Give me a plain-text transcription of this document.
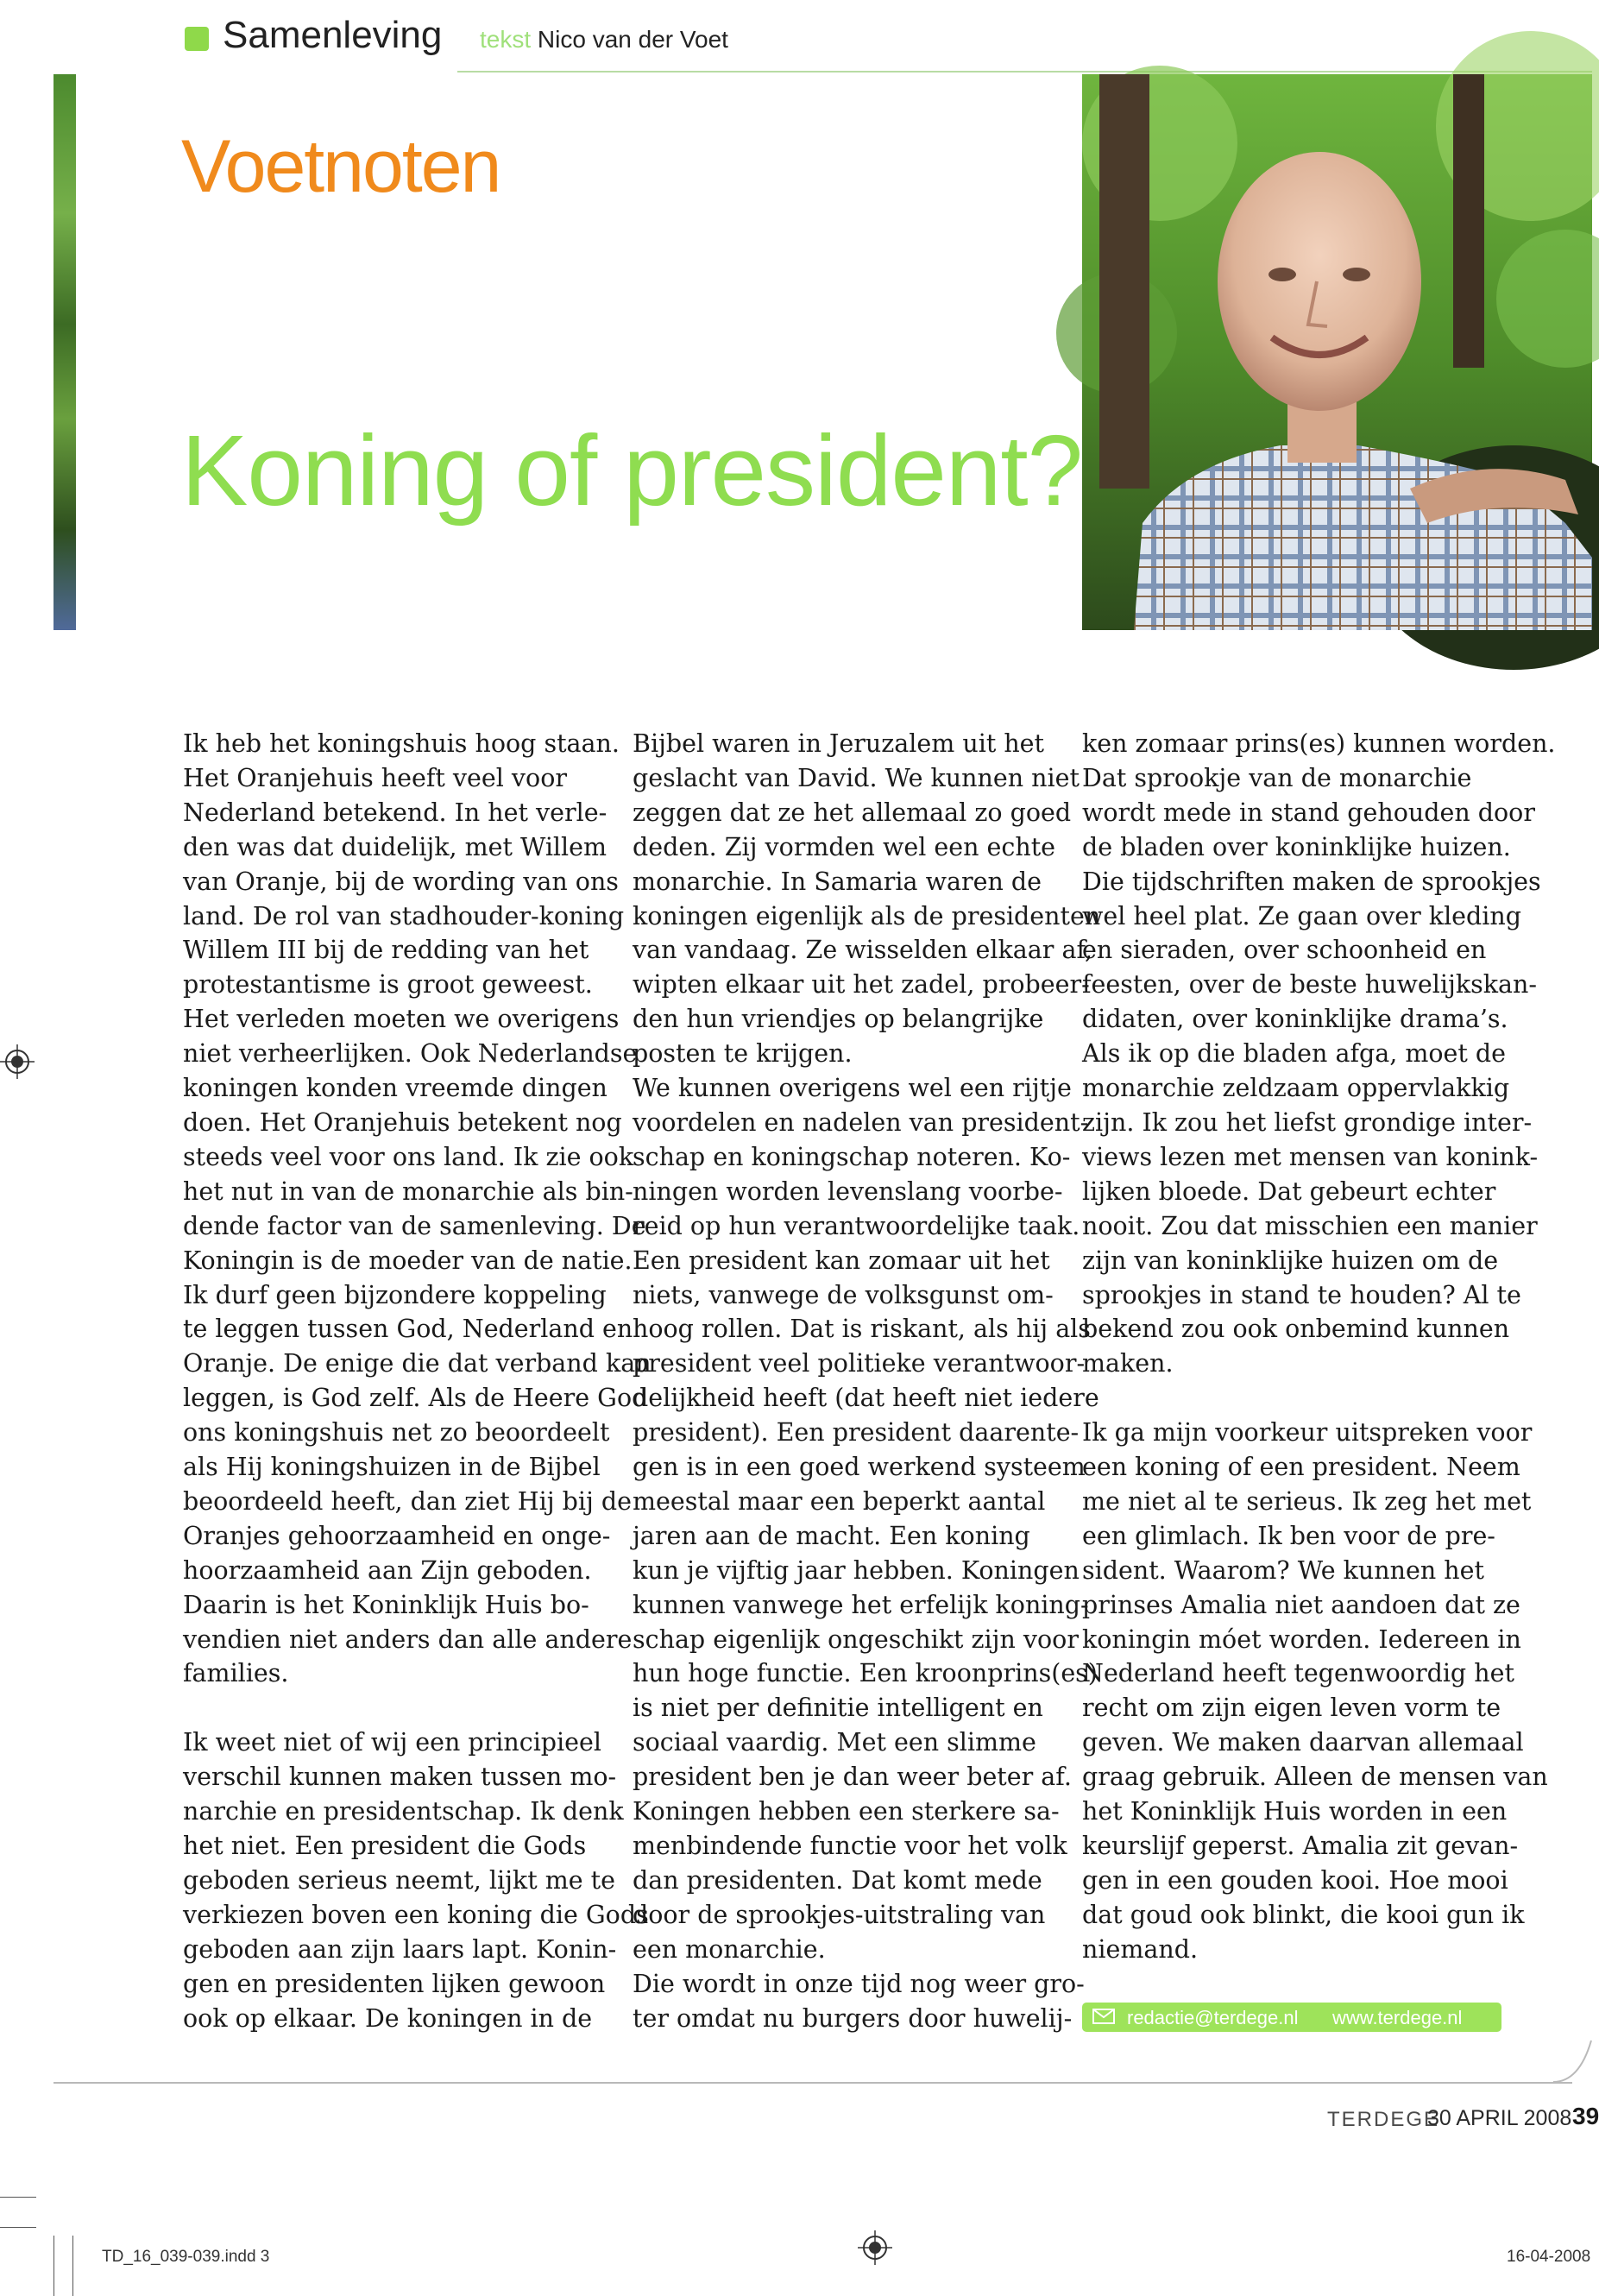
Samenleving tekst Nico van der Voet
Voetnoten
Koning of president?
Ik heb het koningshuis hoog staan.
Het Oranjehuis heeft veel voor
Nederland betekend. In het verle-
den was dat duidelijk, met Willem
van Oranje, bij de wording van ons
land. De rol van stadhouder-koning
Willem III bij de redding van het
protestantisme is groot geweest.
Het verleden moeten we overigens
niet verheerlijken. Ook Nederlandse
koningen konden vreemde dingen
doen. Het Oranjehuis betekent nog
steeds veel voor ons land. Ik zie ook
het nut in van de monarchie als bin-
dende factor van de samenleving. De
Koningin is de moeder van de natie.
Ik durf geen bijzondere koppeling
te leggen tussen God, Nederland en
Oranje. De enige die dat verband kan
leggen, is God zelf. Als de Heere God
ons koningshuis net zo beoordeelt
als Hij koningshuizen in de Bijbel
beoordeeld heeft, dan ziet Hij bij de
Oranjes gehoorzaamheid en onge-
hoorzaamheid aan Zijn geboden.
Daarin is het Koninklijk Huis bo-
vendien niet anders dan alle andere
families.
Ik weet niet of wij een principieel
verschil kunnen maken tussen mo-
narchie en presidentschap. Ik denk
het niet. Een president die Gods
geboden serieus neemt, lijkt me te
verkiezen boven een koning die Gods
geboden aan zijn laars lapt. Konin-
gen en presidenten lijken gewoon
ook op elkaar. De koningen in de
Bijbel waren in Jeruzalem uit het
geslacht van David. We kunnen niet
zeggen dat ze het allemaal zo goed
deden. Zij vormden wel een echte
monarchie. In Samaria waren de
koningen eigenlijk als de presidenten
van vandaag. Ze wisselden elkaar af,
wipten elkaar uit het zadel, probeer-
den hun vriendjes op belangrijke
posten te krijgen.
We kunnen overigens wel een rijtje
voordelen en nadelen van president-
schap en koningschap noteren. Ko-
ningen worden levenslang voorbe-
reid op hun verantwoordelijke taak.
Een president kan zomaar uit het
niets, vanwege de volksgunst om-
hoog rollen. Dat is riskant, als hij als
president veel politieke verantwoor-
delijkheid heeft (dat heeft niet iedere
president). Een president daarente-
gen is in een goed werkend systeem
meestal maar een beperkt aantal
jaren aan de macht. Een koning
kun je vijftig jaar hebben. Koningen
kunnen vanwege het erfelijk koning-
schap eigenlijk ongeschikt zijn voor
hun hoge functie. Een kroonprins(es)
is niet per definitie intelligent en
sociaal vaardig. Met een slimme
president ben je dan weer beter af.
Koningen hebben een sterkere sa-
menbindende functie voor het volk
dan presidenten. Dat komt mede
door de sprookjes-uitstraling van
een monarchie.
Die wordt in onze tijd nog weer gro-
ter omdat nu burgers door huwelij-
ken zomaar prins(es) kunnen worden.
Dat sprookje van de monarchie
wordt mede in stand gehouden door
de bladen over koninklijke huizen.
Die tijdschriften maken de sprookjes
wel heel plat. Ze gaan over kleding
en sieraden, over schoonheid en
feesten, over de beste huwelijkskan-
didaten, over koninklijke drama’s.
Als ik op die bladen afga, moet de
monarchie zeldzaam oppervlakkig
zijn. Ik zou het liefst grondige inter-
views lezen met mensen van konink-
lijken bloede. Dat gebeurt echter
nooit. Zou dat misschien een manier
zijn van koninklijke huizen om de
sprookjes in stand te houden? Al te
bekend zou ook onbemind kunnen
maken.
Ik ga mijn voorkeur uitspreken voor
een koning of een president. Neem
me niet al te serieus. Ik zeg het met
een glimlach. Ik ben voor de pre-
sident. Waarom? We kunnen het
prinses Amalia niet aandoen dat ze
koningin móet worden. Iedereen in
Nederland heeft tegenwoordig het
recht om zijn eigen leven vorm te
geven. We maken daarvan allemaal
graag gebruik. Alleen de mensen van
het Koninklijk Huis worden in een
keurslijf geperst. Amalia zit gevan-
gen in een gouden kooi. Hoe mooi
dat goud ook blinkt, die kooi gun ik
niemand.
redactie@terdege.nl www.terdege.nl
TERDEGE
30 APRIL 2008 39
TD_16_039-039.indd 3	16-04-2008
